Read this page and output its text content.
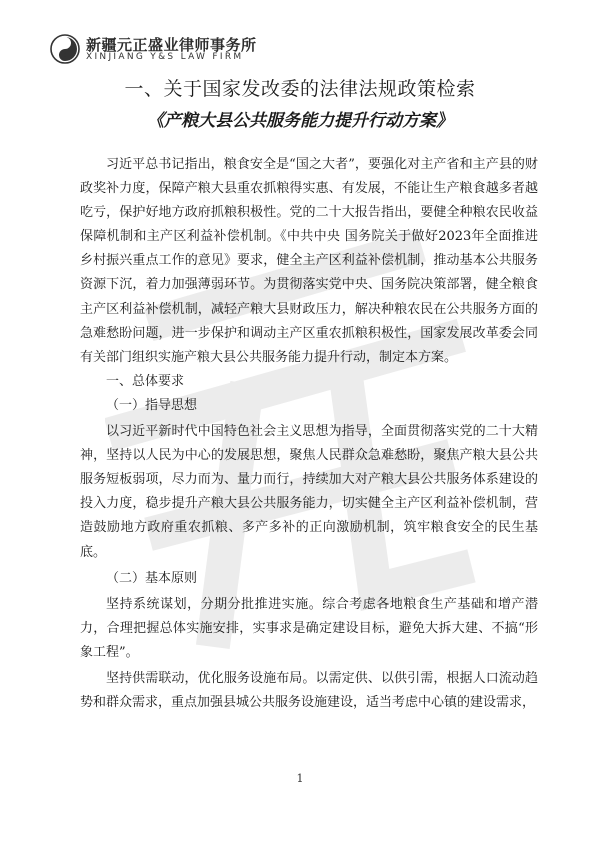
新疆元正盛业律师事务所
XINJIANG Y&S LAW FIRM
一、关于国家发改委的法律法规政策检索
《产粮大县公共服务能力提升行动方案》

习近平总书记指出，粮食安全是“国之大者”，要强化对主产省和主产县的财政奖补力度，保障产粮大县重农抓粮得实惠、有发展，不能让生产粮食越多者越吃亏，保护好地方政府抓粮积极性。党的二十大报告指出，要健全种粮农民收益保障机制和主产区利益补偿机制。《中共中央 国务院关于做好2023年全面推进乡村振兴重点工作的意见》要求，健全主产区利益补偿机制，推动基本公共服务资源下沉，着力加强薄弱环节。为贯彻落实党中央、国务院决策部署，健全粮食主产区利益补偿机制，减轻产粮大县财政压力，解决种粮农民在公共服务方面的急难愁盼问题，进一步保护和调动主产区重农抓粮积极性，国家发展改革委会同有关部门组织实施产粮大县公共服务能力提升行动，制定本方案。

一、总体要求

（一）指导思想

以习近平新时代中国特色社会主义思想为指导，全面贯彻落实党的二十大精神，坚持以人民为中心的发展思想，聚焦人民群众急难愁盼，聚焦产粮大县公共服务短板弱项，尽力而为、量力而行，持续加大对产粮大县公共服务体系建设的投入力度，稳步提升产粮大县公共服务能力，切实健全主产区利益补偿机制，营造鼓励地方政府重农抓粮、多产多补的正向激励机制，筑牢粮食安全的民生基底。

（二）基本原则

坚持系统谋划，分期分批推进实施。综合考虑各地粮食生产基础和增产潜力，合理把握总体实施安排，实事求是确定建设目标，避免大拆大建、不搞“形象工程”。

坚持供需联动，优化服务设施布局。以需定供、以供引需，根据人口流动趋势和群众需求，重点加强县城公共服务设施建设，适当考虑中心镇的建设需求，

1
